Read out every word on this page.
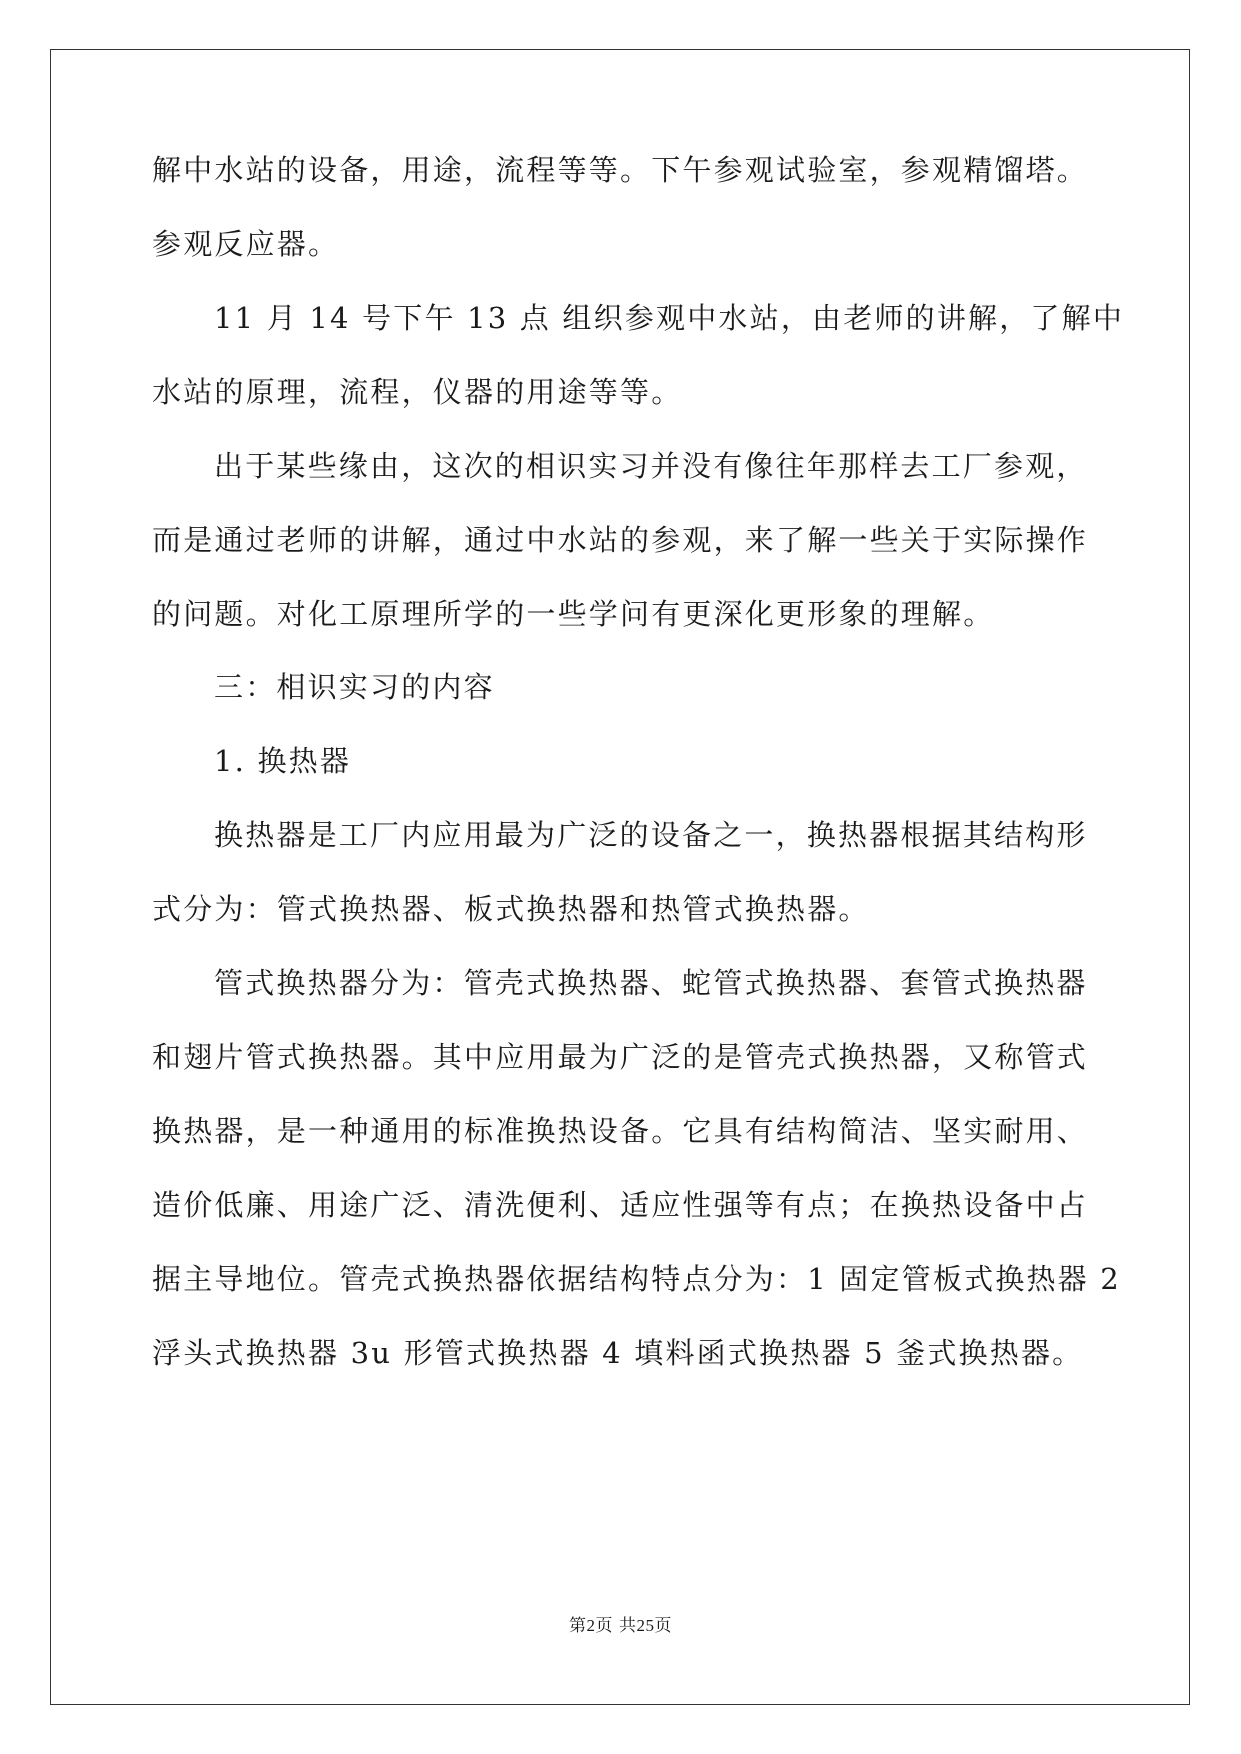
解中水站的设备，用途，流程等等。下午参观试验室，参观精馏塔。
参观反应器。
11 月 14 号下午 13 点 组织参观中水站，由老师的讲解，了解中
水站的原理，流程，仪器的用途等等。
出于某些缘由，这次的相识实习并没有像往年那样去工厂参观，
而是通过老师的讲解，通过中水站的参观，来了解一些关于实际操作
的问题。对化工原理所学的一些学问有更深化更形象的理解。
三：相识实习的内容
1. 换热器
换热器是工厂内应用最为广泛的设备之一，换热器根据其结构形
式分为：管式换热器、板式换热器和热管式换热器。
管式换热器分为：管壳式换热器、蛇管式换热器、套管式换热器
和翅片管式换热器。其中应用最为广泛的是管壳式换热器，又称管式
换热器，是一种通用的标准换热设备。它具有结构简洁、坚实耐用、
造价低廉、用途广泛、清洗便利、适应性强等有点；在换热设备中占
据主导地位。管壳式换热器依据结构特点分为：1 固定管板式换热器 2
浮头式换热器 3u 形管式换热器 4 填料函式换热器 5 釜式换热器。
第2页 共25页
